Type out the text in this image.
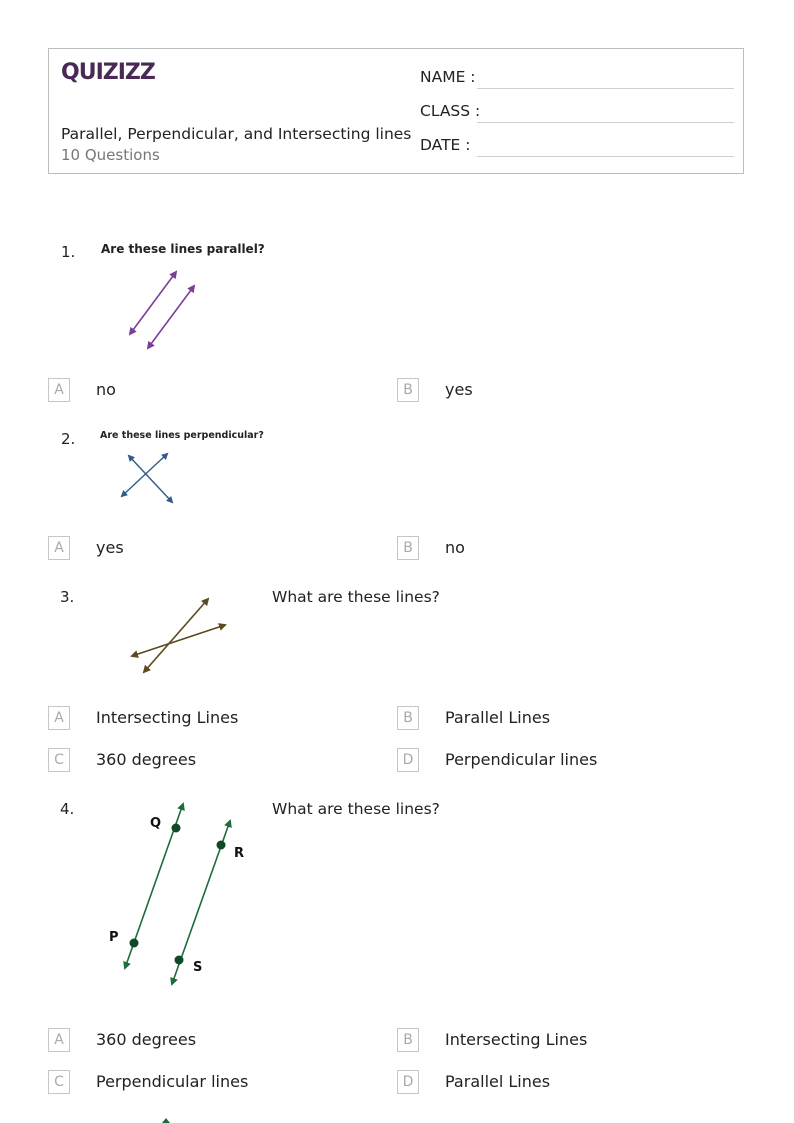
QUIZIZZ
Parallel, Perpendicular, and Intersecting lines
10 Questions
NAME :
CLASS :
DATE :
1. Are these lines parallel?
A	no	B	yes
2.	Are these lines perpendicular?
A	yes	B	no
3.	What are these lines?
A	Intersecting Lines	B	Parallel Lines
C	360 degrees	D	Perpendicular lines
4.
Q
R
P
S
What are these lines?
A	360 degrees	B	Intersecting Lines
C	Perpendicular lines	D	Parallel Lines
